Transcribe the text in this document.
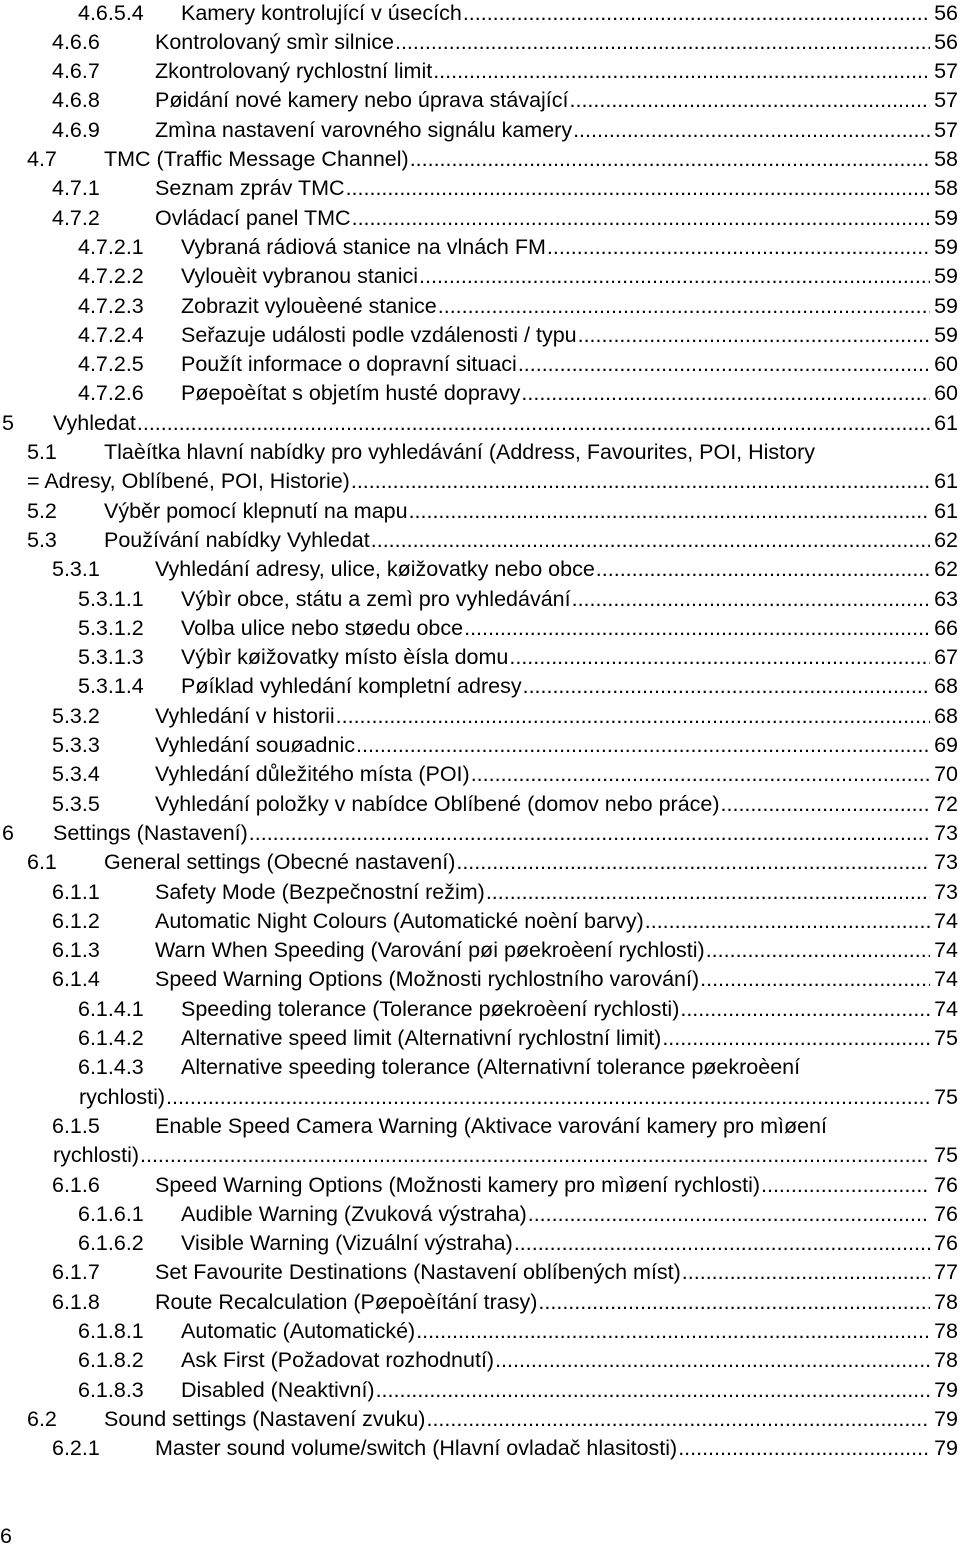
4.6.5.4 Kamery kontrolující v úsecích .....	56
4.6.6	Kontrolovaný smìr silnice .....	56
4.6.7	Zkontrolovaný rychlostní limit .....	57
4.6.8	Pøidání nové kamery nebo úprava stávající .....	57
4.6.9	Zmìna nastavení varovného signálu kamery .....	57
4.7 TMC (Traffic Message Channel) .....	58
4.7.1	Seznam zpráv TMC .....	58
4.7.2	Ovládací panel TMC .....	59
4.7.2.1 Vybraná rádiová stanice na vlnách FM .....	59
4.7.2.2 Vylouèit vybranou stanici .....	59
4.7.2.3 Zobrazit vylouèené stanice .....	59
4.7.2.4 Seřazuje události podle vzdálenosti / typu .....	59
4.7.2.5 Použít informace o dopravní situaci .....	60
4.7.2.6 Pøepoèítat s objetím husté dopravy .....	60
5 Vyhledat .....	61
5.1 Tlaèítka hlavní nabídky pro vyhledávání (Address, Favourites, POI, History
= Adresy, Oblíbené, POI, Historie) .....	61
5.2 Výběr pomocí klepnutí na mapu .....	61
5.3 Používání nabídky Vyhledat .....	62
5.3.1	Vyhledání adresy, ulice, køižovatky nebo obce .....	62
5.3.1.1 Výbìr obce, státu a zemì pro vyhledávání .....	63
5.3.1.2 Volba ulice nebo støedu obce .....	66
5.3.1.3 Výbìr køižovatky místo èísla domu .....	67
5.3.1.4 Pøíklad vyhledání kompletní adresy .....	68
5.3.2	Vyhledání v historii .....	68
5.3.3	Vyhledání souøadnic .....	69
5.3.4	Vyhledání důležitého místa (POI) .....	70
5.3.5	Vyhledání položky v nabídce Oblíbené (domov nebo práce) .....	72
6 Settings (Nastavení) .....	73
6.1 General settings (Obecné nastavení) .....	73
6.1.1	Safety Mode (Bezpečnostní režim) .....	73
6.1.2	Automatic Night Colours (Automatické noèní barvy) .....	74
6.1.3	Warn When Speeding (Varování pøi pøekroèení rychlosti) .....	74
6.1.4	Speed Warning Options (Možnosti rychlostního varování) .....	74
6.1.4.1 Speeding tolerance (Tolerance pøekroèení rychlosti) .....	74
6.1.4.2 Alternative speed limit (Alternativní rychlostní limit) .....	75
6.1.4.3 Alternative speeding tolerance (Alternativní tolerance pøekroèení
rychlosti) .....	75
6.1.5	Enable Speed Camera Warning (Aktivace varování kamery pro mìøení
rychlosti) .....	75
6.1.6	Speed Warning Options (Možnosti kamery pro mìøení rychlosti) .....	76
6.1.6.1 Audible Warning (Zvuková výstraha) .....	76
6.1.6.2 Visible Warning (Vizuální výstraha) .....	76
6.1.7	Set Favourite Destinations (Nastavení oblíbených míst) .....	77
6.1.8	Route Recalculation (Pøepoèítání trasy) .....	78
6.1.8.1 Automatic (Automatické) .....	78
6.1.8.2 Ask First (Požadovat rozhodnutí) .....	78
6.1.8.3 Disabled (Neaktivní) .....	79
6.2 Sound settings (Nastavení zvuku) .....	79
6.2.1	Master sound volume/switch (Hlavní ovladač hlasitosti) .....	79
6
